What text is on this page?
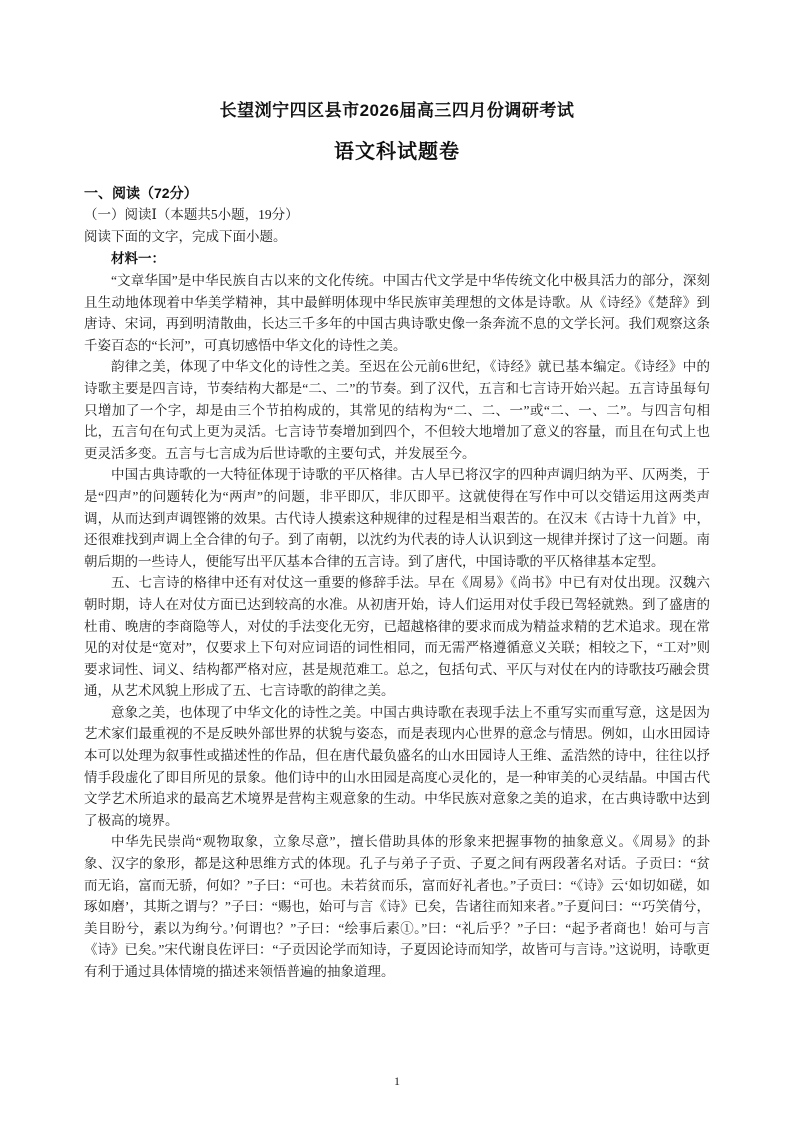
长望浏宁四区县市2026届高三四月份调研考试
语文科试题卷
一、阅读（72分）
（一）阅读Ⅰ（本题共5小题，19分）
阅读下面的文字，完成下面小题。
材料一：

“文章华国”是中华民族自古以来的文化传统。中国古代文学是中华传统文化中极具活力的部分，深刻且生动地体现着中华美学精神，其中最鲜明体现中华民族审美理想的文体是诗歌。从《诗经》《楚辞》到唐诗、宋词，再到明清散曲，长达三千多年的中国古典诗歌史像一条奔流不息的文学长河。我们观察这条千姿百态的“长河”，可真切感悟中华文化的诗性之美。

韵律之美，体现了中华文化的诗性之美。至迟在公元前6世纪，《诗经》就已基本编定。《诗经》中的诗歌主要是四言诗，节奏结构大都是“二、二”的节奏。到了汉代，五言和七言诗开始兴起。五言诗虽每句只增加了一个字，却是由三个节拍构成的，其常见的结构为“二、二、一”或“二、一、二”。与四言句相比，五言句在句式上更为灵活。七言诗节奏增加到四个，不但较大地增加了意义的容量，而且在句式上也更灵活多变。五言与七言成为后世诗歌的主要句式，并发展至今。

中国古典诗歌的一大特征体现于诗歌的平仄格律。古人早已将汉字的四种声调归纳为平、仄两类，于是“四声”的问题转化为“两声”的问题，非平即仄，非仄即平。这就使得在写作中可以交错运用这两类声调，从而达到声调铿锵的效果。古代诗人摸索这种规律的过程是相当艰苦的。在汉末《古诗十九首》中，还很难找到声调上全合律的句子。到了南朝，以沈约为代表的诗人认识到这一规律并探讨了这一问题。南朝后期的一些诗人，便能写出平仄基本合律的五言诗。到了唐代，中国诗歌的平仄格律基本定型。

五、七言诗的格律中还有对仗这一重要的修辞手法。早在《周易》《尚书》中已有对仗出现。汉魏六朝时期，诗人在对仗方面已达到较高的水准。从初唐开始，诗人们运用对仗手段已驾轻就熟。到了盛唐的杜甫、晚唐的李商隐等人，对仗的手法变化无穷，已超越格律的要求而成为精益求精的艺术追求。现在常见的对仗是“宽对”，仅要求上下句对应词语的词性相同，而无需严格遵循意义关联；相较之下，“工对”则要求词性、词义、结构都严格对应，甚是规范难工。总之，包括句式、平仄与对仗在内的诗歌技巧融会贯通，从艺术风貌上形成了五、七言诗歌的韵律之美。

意象之美，也体现了中华文化的诗性之美。中国古典诗歌在表现手法上不重写实而重写意，这是因为艺术家们最重视的不是反映外部世界的状貌与姿态，而是表现内心世界的意念与情思。例如，山水田园诗本可以处理为叙事性或描述性的作品，但在唐代最负盛名的山水田园诗人王维、孟浩然的诗中，往往以抒情手段虚化了即目所见的景象。他们诗中的山水田园是高度心灵化的，是一种审美的心灵结晶。中国古代文学艺术所追求的最高艺术境界是营构主观意象的生动。中华民族对意象之美的追求，在古典诗歌中达到了极高的境界。

中华先民崇尚“观物取象，立象尽意”，擅长借助具体的形象来把握事物的抽象意义。《周易》的卦象、汉字的象形，都是这种思维方式的体现。孔子与弟子子贡、子夏之间有两段著名对话。子贡曰：“贫而无谄，富而无骄，何如？”子曰：“可也。未若贫而乐，富而好礼者也。”子贡曰：“《诗》云‘如切如磋，如琢如磨’，其斯之谓与？”子曰：“赐也，始可与言《诗》已矣，告诸往而知来者。”子夏问曰：“‘巧笑倩兮，美目盼兮，素以为绚兮。’何谓也？”子曰：“绘事后素①。”曰：“礼后乎？”子曰：“起予者商也！始可与言《诗》已矣。”宋代谢良佐评曰：“子贡因论学而知诗，子夏因论诗而知学，故皆可与言诗。”这说明，诗歌更有利于通过具体情境的描述来领悟普遍的抽象道理。

1
